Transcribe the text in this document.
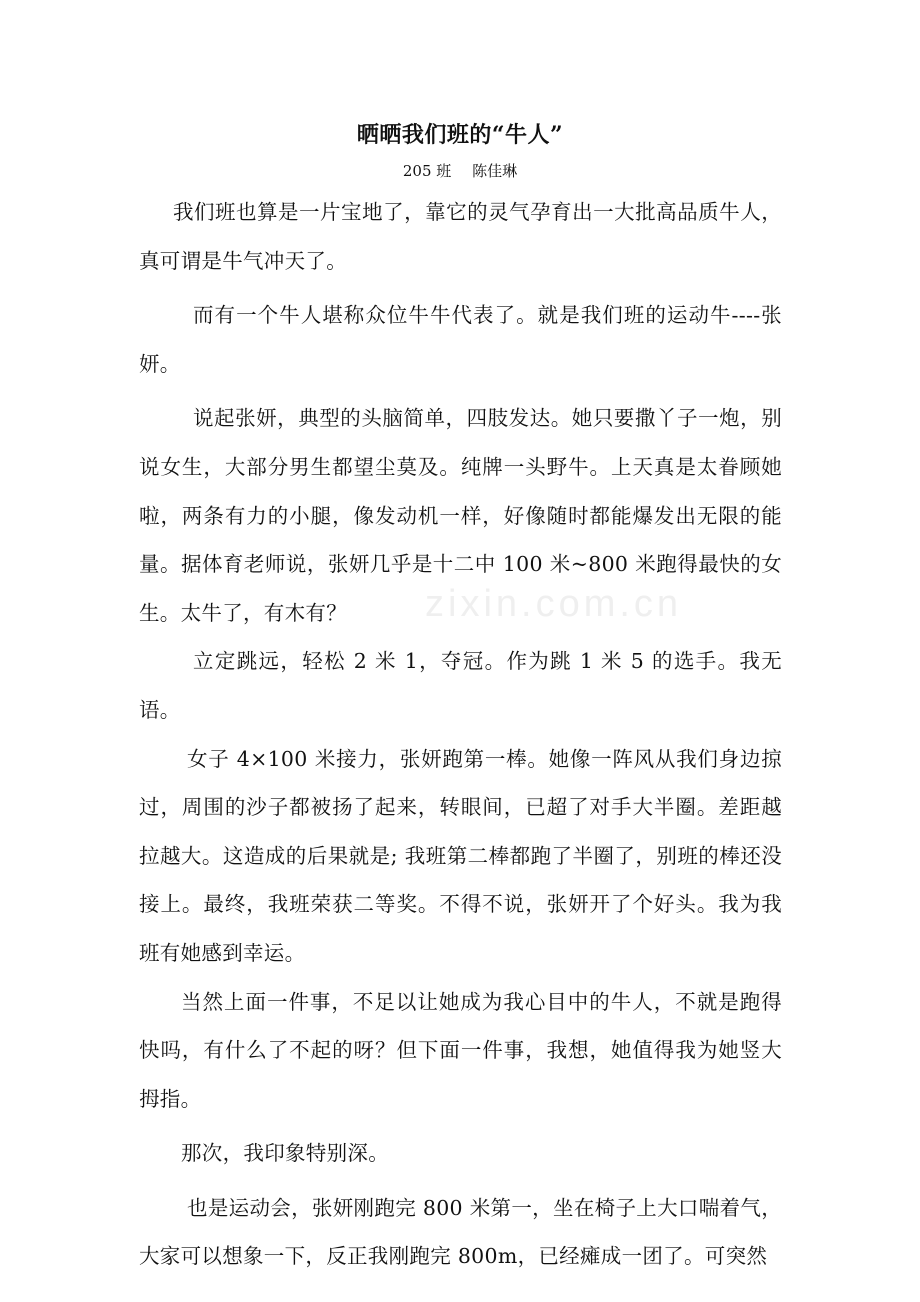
晒晒我们班的“牛人”
205 班 陈佳琳
zixin.com.cn

我们班也算是一片宝地了，靠它的灵气孕育出一大批高品质牛人，真可谓是牛气冲天了。

而有一个牛人堪称众位牛牛代表了。就是我们班的运动牛----张妍。

说起张妍，典型的头脑简单，四肢发达。她只要撒丫子一炮，别说女生，大部分男生都望尘莫及。纯牌一头野牛。上天真是太眷顾她啦，两条有力的小腿，像发动机一样，好像随时都能爆发出无限的能量。据体育老师说，张妍几乎是十二中 100 米~800 米跑得最快的女生。太牛了，有木有？

立定跳远，轻松 2 米 1，夺冠。作为跳 1 米 5 的选手。我无语。

女子 4×100 米接力，张妍跑第一棒。她像一阵风从我们身边掠过，周围的沙子都被扬了起来，转眼间，已超了对手大半圈。差距越拉越大。这造成的后果就是; 我班第二棒都跑了半圈了，别班的棒还没接上。最终，我班荣获二等奖。不得不说，张妍开了个好头。我为我班有她感到幸运。

当然上面一件事，不足以让她成为我心目中的牛人，不就是跑得快吗，有什么了不起的呀？但下面一件事，我想，她值得我为她竖大拇指。

那次，我印象特别深。

也是运动会，张妍刚跑完 800 米第一，坐在椅子上大口喘着气，大家可以想象一下，反正我刚跑完 800m，已经瘫成一团了。可突然
